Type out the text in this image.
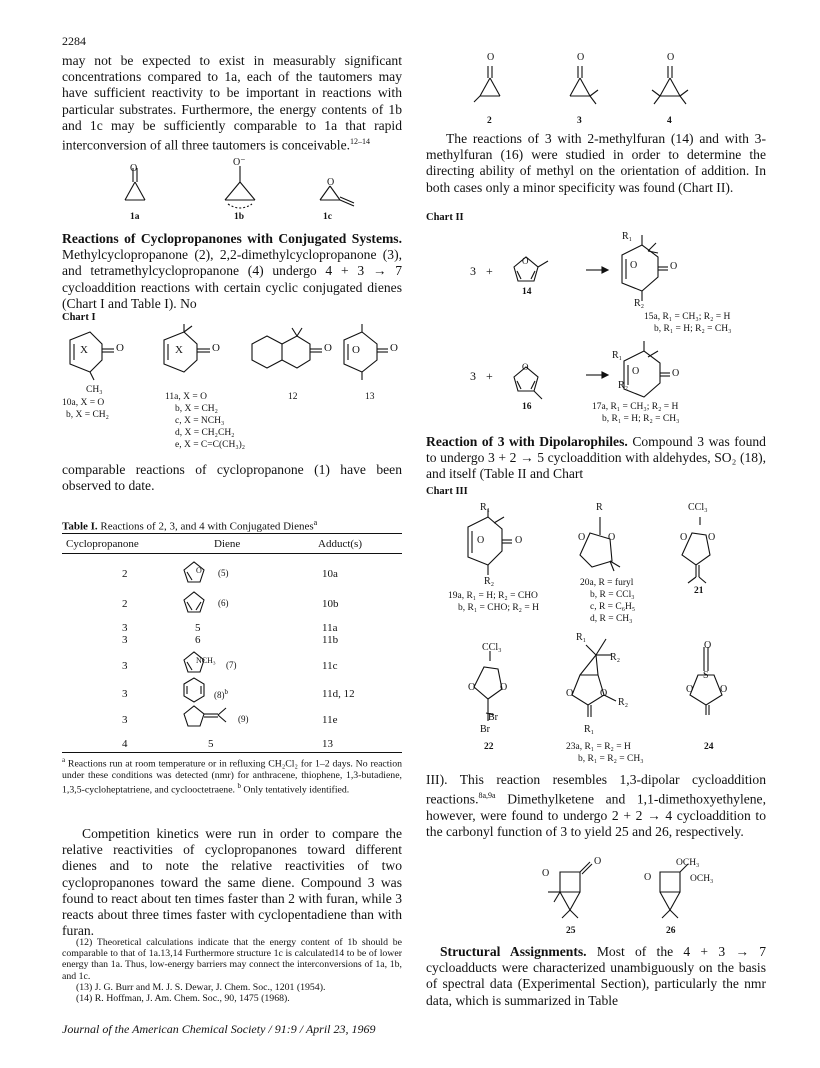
2284

may not be expected to exist in measurably significant concentrations compared to 1a, each of the tautomers may have sufficient reactivity to be important in reactions with particular substrates. Furthermore, the energy contents of 1b and 1c may be sufficiently comparable to 1a that rapid interconversion of all three tautomers is conceivable.$^{12-14}$

O
O⁻
O
1a	1b	1c

Reactions of Cyclopropanones with Conjugated Systems. Methylcyclopropanone (2), 2,2-dimethylcyclopropanone (3), and tetramethylcyclopropanone (4) undergo 4 + 3 → 7 cycloaddition reactions with certain cyclic conjugated dienes (Chart I and Table I). No

Chart I
X	O	X	O	O O	O
CH₃
10a, X = O
b, X = CH₂
11a, X = O
b, X = CH₂
c, X = NCH₃
d, X = CH₂CH₂
e, X = C=C(CH₃)₂
12	13

comparable reactions of cyclopropanone (1) have been observed to date.

Table I. Reactions of 2, 3, and 4 with Conjugated Dienes$^a$
Cyclopropanone	Diene	Adduct(s)
2	O (5)	10a
2	(6)	10b
3	5	11a
3	6	11b
3	NCH₃ (7)	11c
3	$(8)^b$	11d, 12
3	(9)	11e
4	5	13

$^a$ Reactions run at room temperature or in refluxing CH₂Cl₂ for 1–2 days. No reaction under these conditions was detected (nmr) for anthracene, thiophene, 1,3-butadiene, 1,3,5-cycloheptatriene, and cyclooctetraene. $^b$ Only tentatively identified.

Competition kinetics were run in order to compare the relative reactivities of cyclopropanones toward different dienes and to note the relative reactivities of two cyclopropanones toward the same diene. Compound 3 was found to react about ten times faster than 2 with furan, while 3 reacts about three times faster with cyclopentadiene than with furan.

(12) Theoretical calculations indicate that the energy content of 1b should be comparable to that of 1a.13,14 Furthermore structure 1c is calculated14 to be of lower energy than 1a. Thus, low-energy barriers may connect the interconversions of 1a, 1b, and 1c.

(13) J. G. Burr and M. J. S. Dewar, J. Chem. Soc., 1201 (1954).

(14) R. Hoffman, J. Am. Chem. Soc., 90, 1475 (1968).

O	O	O
2	3	4

The reactions of 3 with 2-methylfuran (14) and with 3-methylfuran (16) were studied in order to determine the directing ability of methyl on the orientation of addition. In both cases only a minor specificity was found (Chart II).

Chart II
R₁
3 +
O	O	O
14
R₂
15a, R₁ = CH₃; R₂ = H
b, R₁ = H; R₂ = CH₃
3 +
O
R₁
O	O
R₂
16	17a, R₁ = CH₃; R₂ = H
b, R₁ = H; R₂ = CH₃

Reaction of 3 with Dipolarophiles. Compound 3 was found to undergo 3 + 2 → 5 cycloaddition with aldehydes, SO₂ (18), and itself (Table II and Chart

Chart III
R₁	R	CCl₃
O	O	O O	O O
21
R₂
19a, R₁ = H; R₂ = CHO
b, R₁ = CHO; R₂ = H
20a, R = furyl
b, R = CCl₃
c, R = C₆H₅
d, R = CH₃
CCl₃
R₁
R₂
O
O O
O	O
S
O	O
R₂
Br
Br	R₁
22	23a, R₁ = R₂ = H
b, R₁ = R₂ = CH₃
24

III). This reaction resembles 1,3-dipolar cycloaddition reactions.$^{8a,9a}$ Dimethylketene and 1,1-dimethoxyethylene, however, were found to undergo 2 + 2 → 4 cycloaddition to the carbonyl function of 3 to yield 25 and 26, respectively.

O
O	OCH₃
O	OCH₃
25	26

Structural Assignments. Most of the 4 + 3 → 7 cycloadducts were characterized unambiguously on the basis of spectral data (Experimental Section), particularly the nmr data, which is summarized in Table

Journal of the American Chemical Society / 91:9 / April 23, 1969
